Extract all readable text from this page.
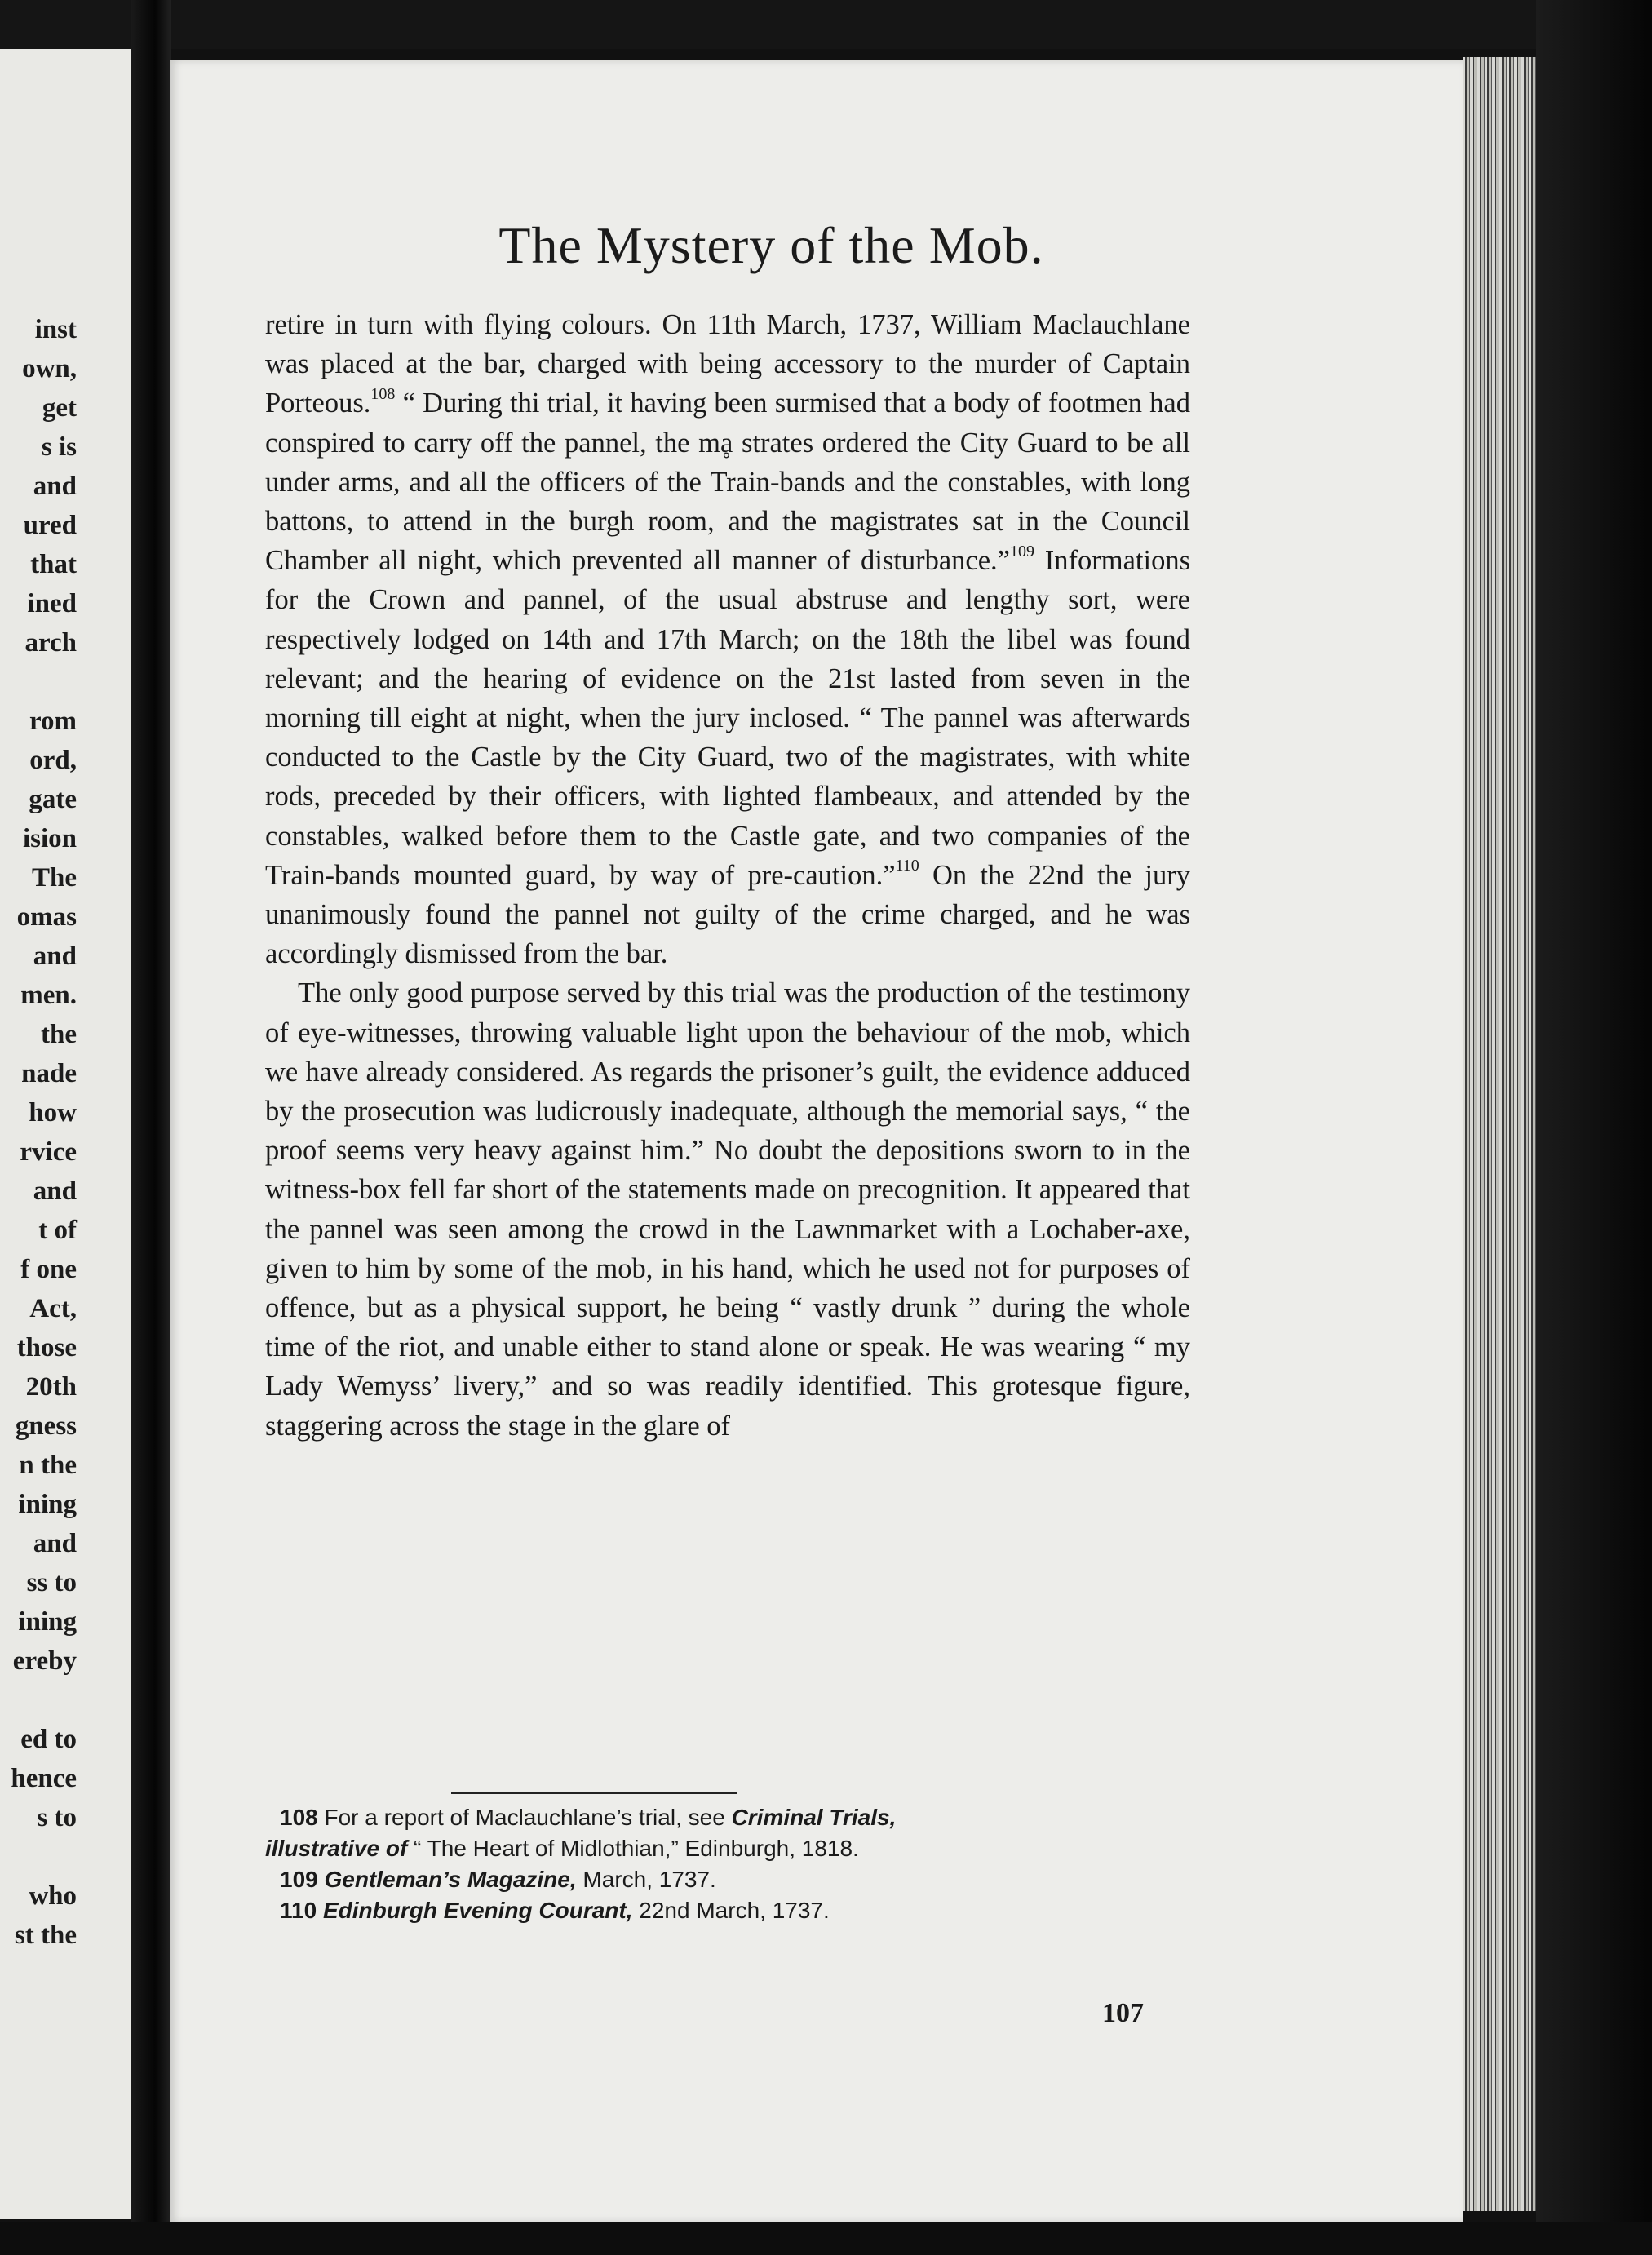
inst
own,
get
s is
and
ured
that
ined
arch
rom
ord,
gate
ision
The
omas
and
men.
the
nade
how
rvice
and
t of
f one
Act,
those
20th
gness
n the
ining
and
ss to
ining
ereby
ed to
hence
s to
who
st the
The Mystery of the Mob.

retire in turn with flying colours. On 11th March, 1737, William Maclauchlane was placed at the bar, charged with being accessory to the murder of Captain Porteous.$^{108}$ “ During thi trial, it having been surmised that a body of footmen had conspired to carry off the pannel, the mḁ strates ordered the City Guard to be all under arms, and all the officers of the Train-bands and the constables, with long battons, to attend in the burgh room, and the magistrates sat in the Council Chamber all night, which prevented all manner of disturbance.”$^{109}$ Informations for the Crown and pannel, of the usual abstruse and lengthy sort, were respectively lodged on 14th and 17th March; on the 18th the libel was found relevant; and the hearing of evidence on the 21st lasted from seven in the morning till eight at night, when the jury inclosed. “ The pannel was afterwards conducted to the Castle by the City Guard, two of the magistrates, with white rods, preceded by their officers, with lighted flambeaux, and attended by the constables, walked before them to the Castle gate, and two companies of the Train-bands mounted guard, by way of pre-caution.”$^{110}$ On the 22nd the jury unanimously found the pannel not guilty of the crime charged, and he was accordingly dismissed from the bar.

The only good purpose served by this trial was the production of the testimony of eye-witnesses, throwing valuable light upon the behaviour of the mob, which we have already considered. As regards the prisoner’s guilt, the evidence adduced by the prosecution was ludicrously inadequate, although the memorial says, “ the proof seems very heavy against him.” No doubt the depositions sworn to in the witness-box fell far short of the statements made on precognition. It appeared that the pannel was seen among the crowd in the Lawnmarket with a Lochaber-axe, given to him by some of the mob, in his hand, which he used not for purposes of offence, but as a physical support, he being “ vastly drunk ” during the whole time of the riot, and unable either to stand alone or speak. He was wearing “ my Lady Wemyss’ livery,” and so was readily identified. This grotesque figure, staggering across the stage in the glare of

108 For a report of Maclauchlane’s trial, see Criminal Trials,
illustrative of “ The Heart of Midlothian,” Edinburgh, 1818.
109 Gentleman’s Magazine, March, 1737.
110 Edinburgh Evening Courant, 22nd March, 1737.
107
